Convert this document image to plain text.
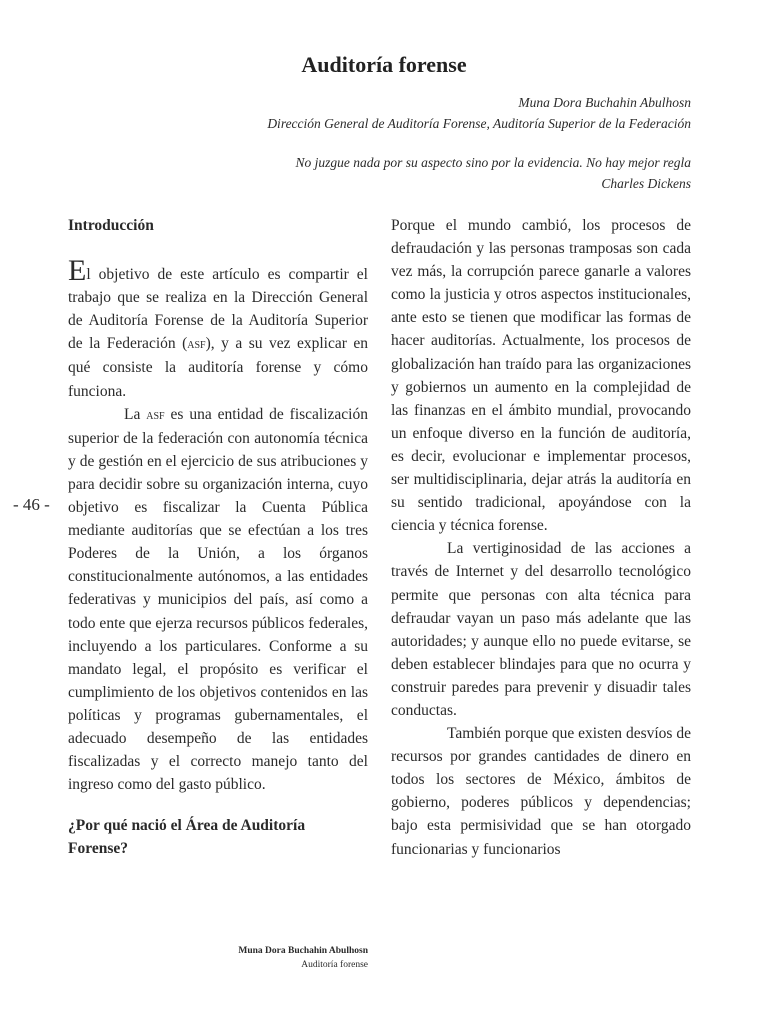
Auditoría forense
Muna Dora Buchahin Abulhosn
Dirección General de Auditoría Forense, Auditoría Superior de la Federación
No juzgue nada por su aspecto sino por la evidencia. No hay mejor regla
Charles Dickens
- 46 -

Introducción

El objetivo de este artículo es compartir el trabajo que se realiza en la Dirección General de Auditoría Forense de la Auditoría Superior de la Federación (asf), y a su vez explicar en qué consiste la auditoría forense y cómo funciona.

La asf es una entidad de fiscalización superior de la federación con autonomía técnica y de gestión en el ejercicio de sus atribuciones y para decidir sobre su organización interna, cuyo objetivo es fiscalizar la Cuenta Pública mediante auditorías que se efectúan a los tres Poderes de la Unión, a los órganos constitucionalmente autónomos, a las entidades federativas y municipios del país, así como a todo ente que ejerza recursos públicos federales, incluyendo a los particulares. Conforme a su mandato legal, el propósito es verificar el cumplimiento de los objetivos contenidos en las políticas y programas gubernamentales, el adecuado desempeño de las entidades fiscalizadas y el correcto manejo tanto del ingreso como del gasto público.

¿Por qué nació el Área de Auditoría Forense?

Porque el mundo cambió, los procesos de defraudación y las personas tramposas son cada vez más, la corrupción parece ganarle a valores como la justicia y otros aspectos institucionales, ante esto se tienen que modificar las formas de hacer auditorías. Actualmente, los procesos de globalización han traído para las organizaciones y gobiernos un aumento en la complejidad de las finanzas en el ámbito mundial, provocando un enfoque diverso en la función de auditoría, es decir, evolucionar e implementar procesos, ser multidisciplinaria, dejar atrás la auditoría en su sentido tradicional, apoyándose con la ciencia y técnica forense.

La vertiginosidad de las acciones a través de Internet y del desarrollo tecnológico permite que personas con alta técnica para defraudar vayan un paso más adelante que las autoridades; y aunque ello no puede evitarse, se deben establecer blindajes para que no ocurra y construir paredes para prevenir y disuadir tales conductas.

También porque que existen desvíos de recursos por grandes cantidades de dinero en todos los sectores de México, ámbitos de gobierno, poderes públicos y dependencias; bajo esta permisividad que se han otorgado funcionarias y funcionarios

Muna Dora Buchahin Abulhosn
Auditoría forense
